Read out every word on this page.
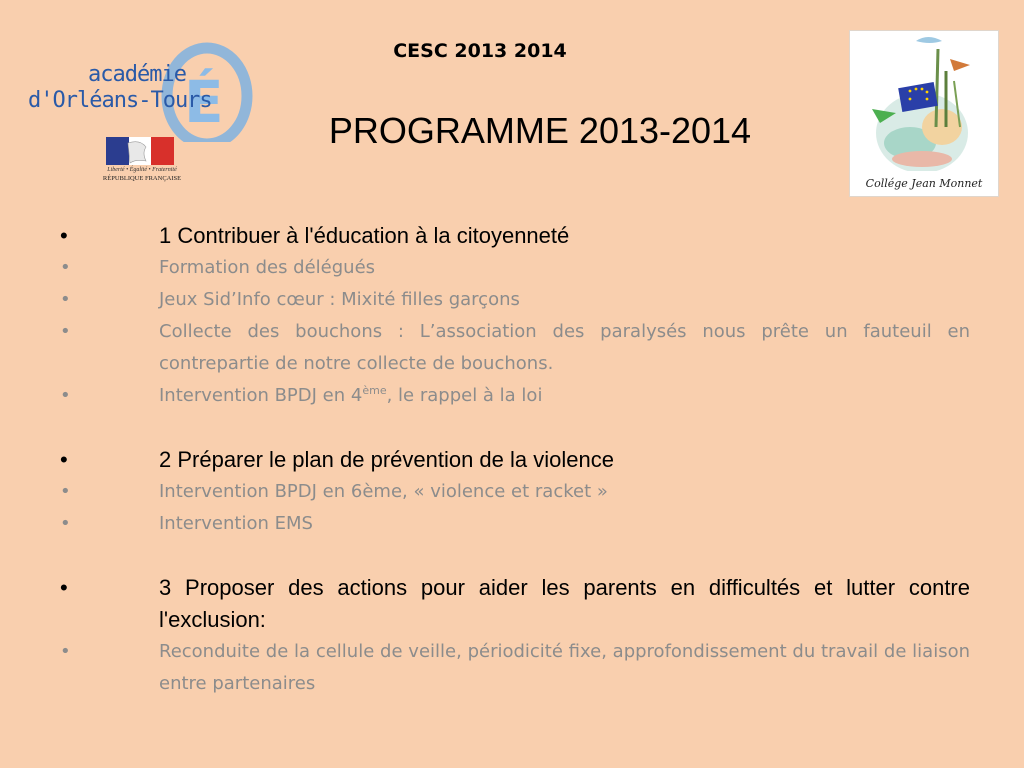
É
académie
d'Orléans-Tours
Liberté • Égalité • Fraternité
RÉPUBLIQUE FRANÇAISE
CESC 2013 2014
PROGRAMME 2013-2014
Collége Jean Monnet
•	1 Contribuer à l'éducation à la citoyenneté
•	Formation des délégués
•	Jeux Sid’Info cœur : Mixité filles garçons
•	Collecte des bouchons : L’association des paralysés nous prête un fauteuil en contrepartie de notre collecte de bouchons.
•	Intervention BPDJ en 4ème, le rappel à la loi
•	2 Préparer le plan de prévention de la violence
•	Intervention BPDJ en 6ème, « violence et racket »
•	Intervention EMS
•	3 Proposer des actions pour aider les parents en difficultés et lutter contre l'exclusion:
•	Reconduite de la cellule de veille, périodicité fixe, approfondissement du travail de liaison entre partenaires
